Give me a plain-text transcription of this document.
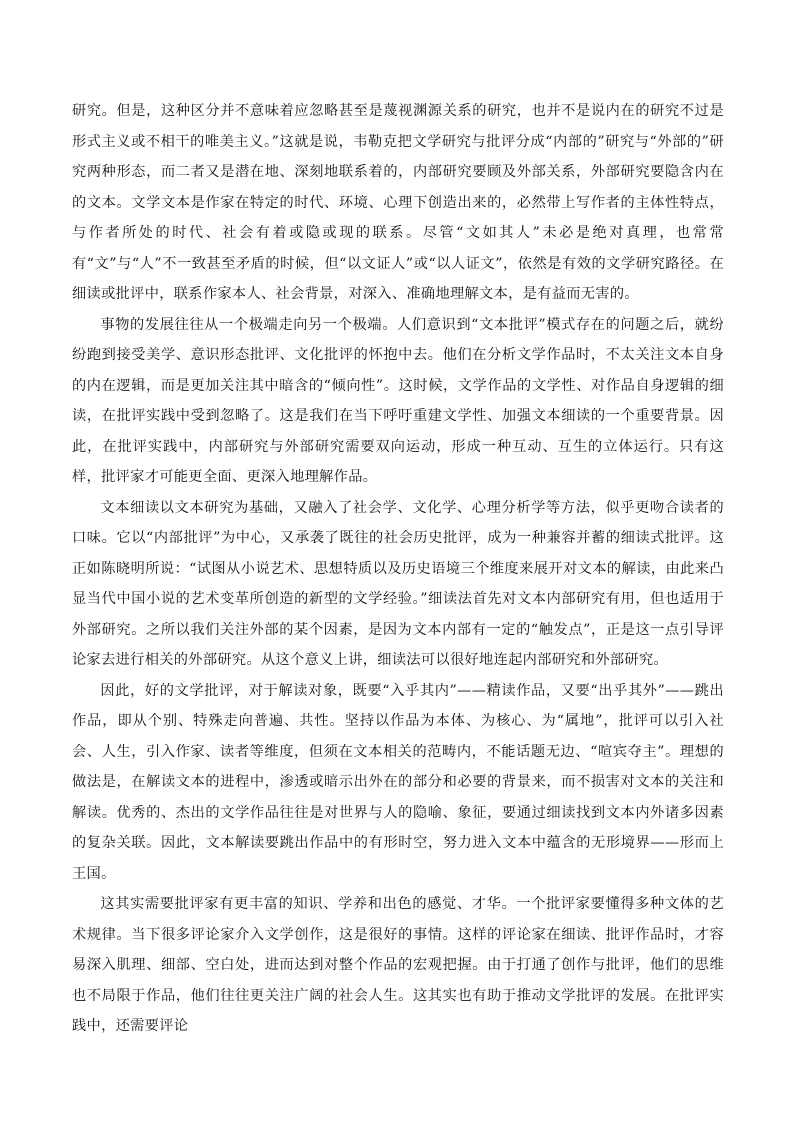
研究。但是，这种区分并不意味着应忽略甚至是蔑视渊源关系的研究，也并不是说内在的研究不过是形式主义或不相干的唯美主义。”这就是说，韦勒克把文学研究与批评分成“内部的”研究与“外部的”研究两种形态，而二者又是潜在地、深刻地联系着的，内部研究要顾及外部关系，外部研究要隐含内在的文本。文学文本是作家在特定的时代、环境、心理下创造出来的，必然带上写作者的主体性特点，与作者所处的时代、社会有着或隐或现的联系。尽管“文如其人”未必是绝对真理，也常常有“文”与“人”不一致甚至矛盾的时候，但“以文证人”或“以人证文”，依然是有效的文学研究路径。在细读或批评中，联系作家本人、社会背景，对深入、准确地理解文本，是有益而无害的。

事物的发展往往从一个极端走向另一个极端。人们意识到“文本批评”模式存在的问题之后，就纷纷跑到接受美学、意识形态批评、文化批评的怀抱中去。他们在分析文学作品时，不太关注文本自身的内在逻辑，而是更加关注其中暗含的“倾向性”。这时候，文学作品的文学性、对作品自身逻辑的细读，在批评实践中受到忽略了。这是我们在当下呼吁重建文学性、加强文本细读的一个重要背景。因此，在批评实践中，内部研究与外部研究需要双向运动，形成一种互动、互生的立体运行。只有这样，批评家才可能更全面、更深入地理解作品。

文本细读以文本研究为基础，又融入了社会学、文化学、心理分析学等方法，似乎更吻合读者的口味。它以“内部批评”为中心，又承袭了既往的社会历史批评，成为一种兼容并蓄的细读式批评。这正如陈晓明所说：“试图从小说艺术、思想特质以及历史语境三个维度来展开对文本的解读，由此来凸显当代中国小说的艺术变革所创造的新型的文学经验。”细读法首先对文本内部研究有用，但也适用于外部研究。之所以我们关注外部的某个因素，是因为文本内部有一定的“触发点”，正是这一点引导评论家去进行相关的外部研究。从这个意义上讲，细读法可以很好地连起内部研究和外部研究。

因此，好的文学批评，对于解读对象，既要“入乎其内”——精读作品，又要“出乎其外”——跳出作品，即从个别、特殊走向普遍、共性。坚持以作品为本体、为核心、为“属地”，批评可以引入社会、人生，引入作家、读者等维度，但须在文本相关的范畴内，不能话题无边、“喧宾夺主”。理想的做法是，在解读文本的进程中，渗透或暗示出外在的部分和必要的背景来，而不损害对文本的关注和解读。优秀的、杰出的文学作品往往是对世界与人的隐喻、象征，要通过细读找到文本内外诸多因素的复杂关联。因此，文本解读要跳出作品中的有形时空，努力进入文本中蕴含的无形境界——形而上王国。

这其实需要批评家有更丰富的知识、学养和出色的感觉、才华。一个批评家要懂得多种文体的艺术规律。当下很多评论家介入文学创作，这是很好的事情。这样的评论家在细读、批评作品时，才容易深入肌理、细部、空白处，进而达到对整个作品的宏观把握。由于打通了创作与批评，他们的思维也不局限于作品，他们往往更关注广阔的社会人生。这其实也有助于推动文学批评的发展。在批评实践中，还需要评论
